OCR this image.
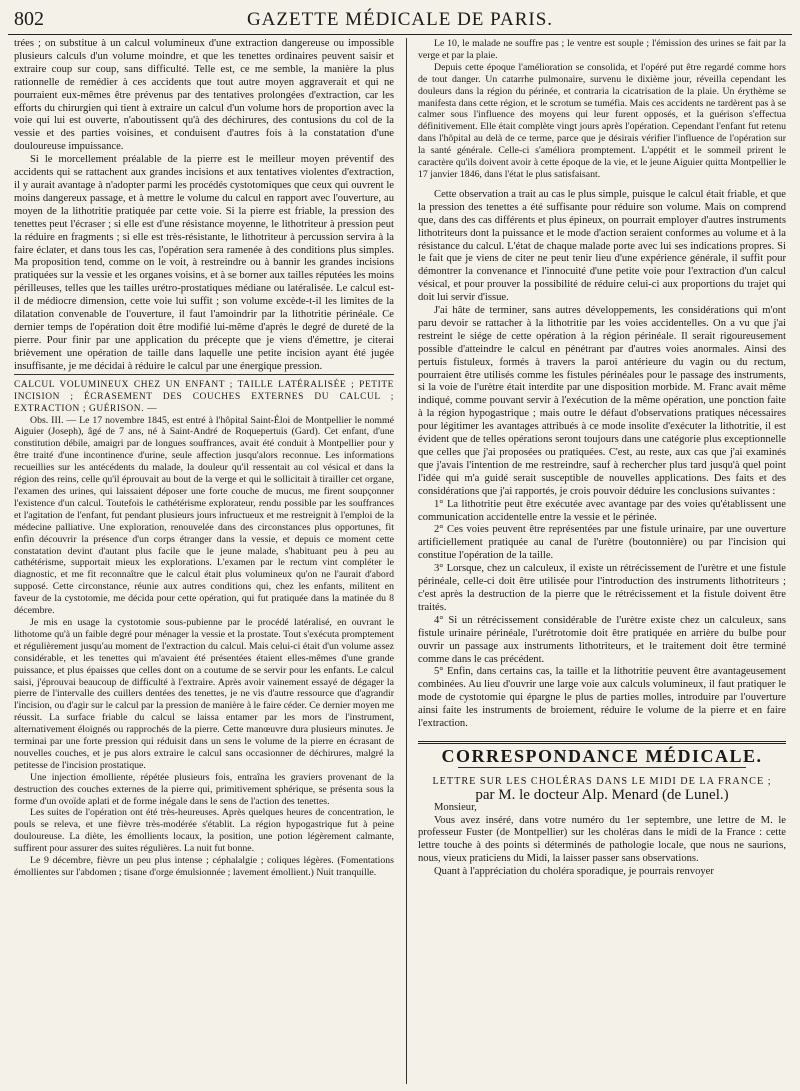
802	GAZETTE MÉDICALE DE PARIS.

trées ; on substitue à un calcul volumineux d'une extraction dangereuse ou impossible plusieurs calculs d'un volume moindre, et que les tenettes ordinaires peuvent saisir et extraire coup sur coup, sans difficulté. Telle est, ce me semble, la manière la plus rationnelle de remédier à ces accidents que tout autre moyen aggraverait et qui ne pourraient eux-mêmes être prévenus par des tentatives prolongées d'extraction, car les efforts du chirurgien qui tient à extraire un calcul d'un volume hors de proportion avec la voie qui lui est ouverte, n'aboutissent qu'à des déchirures, des contusions du col de la vessie et des parties voisines, et conduisent d'autres fois à la constatation d'une douloureuse impuissance.

Si le morcellement préalable de la pierre est le meilleur moyen préventif des accidents qui se rattachent aux grandes incisions et aux tentatives violentes d'extraction, il y aurait avantage à n'adopter parmi les procédés cystotomiques que ceux qui ouvrent le moins dangereux passage, et à mettre le volume du calcul en rapport avec l'ouverture, au moyen de la lithotritie pratiquée par cette voie. Si la pierre est friable, la pression des tenettes peut l'écraser ; si elle est d'une résistance moyenne, le lithotriteur à pression peut la réduire en fragments ; si elle est très-résistante, le lithotriteur à percussion servira à la faire éclater, et dans tous les cas, l'opération sera ramenée à des conditions plus simples. Ma proposition tend, comme on le voit, à restreindre ou à bannir les grandes incisions pratiquées sur la vessie et les organes voisins, et à se borner aux tailles réputées les moins périlleuses, telles que les tailles urétro-prostatiques médiane ou latéralisée. Le calcul est-il de médiocre dimension, cette voie lui suffit ; son volume excède-t-il les limites de la dilatation convenable de l'ouverture, il faut l'amoindrir par la lithotritie périnéale. Ce dernier temps de l'opération doit être modifié lui-même d'après le degré de dureté de la pierre. Pour finir par une application du précepte que je viens d'émettre, je citerai brièvement une opération de taille dans laquelle une petite incision ayant été jugée insuffisante, je me décidai à réduire le calcul par une énergique pression.

CALCUL VOLUMINEUX CHEZ UN ENFANT ; TAILLE LATÉRALISÉE ; PETITE INCISION ; ÉCRASEMENT DES COUCHES EXTERNES DU CALCUL ; EXTRACTION ; GUÉRISON. —

Obs. III. — Le 17 novembre 1845, est entré à l'hôpital Saint-Éloi de Montpellier le nommé Aiguier (Joseph), âgé de 7 ans, né à Saint-André de Roquepertuis (Gard). Cet enfant, d'une constitution débile, amaigri par de longues souffrances, avait été conduit à Montpellier pour y être traité d'une incontinence d'urine, seule affection jusqu'alors reconnue. Les informations recueillies sur les antécédents du malade, la douleur qu'il ressentait au col vésical et dans la région des reins, celle qu'il éprouvait au bout de la verge et qui le sollicitait à tirailler cet organe, l'examen des urines, qui laissaient déposer une forte couche de mucus, me firent soupçonner l'existence d'un calcul. Toutefois le cathétérisme explorateur, rendu possible par les souffrances et l'agitation de l'enfant, fut pendant plusieurs jours infructueux et me restreignit à l'emploi de la médecine palliative. Une exploration, renouvelée dans des circonstances plus opportunes, fit enfin découvrir la présence d'un corps étranger dans la vessie, et depuis ce moment cette constatation devint d'autant plus facile que le jeune malade, s'habituant peu à peu au cathétérisme, supportait mieux les explorations. L'examen par le rectum vint compléter le diagnostic, et me fit reconnaître que le calcul était plus volumineux qu'on ne l'aurait d'abord supposé. Cette circonstance, réunie aux autres conditions qui, chez les enfants, militent en faveur de la cystotomie, me décida pour cette opération, qui fut pratiquée dans la matinée du 8 décembre.

Je mis en usage la cystotomie sous-pubienne par le procédé latéralisé, en ouvrant le lithotome qu'à un faible degré pour ménager la vessie et la prostate. Tout s'exécuta promptement et régulièrement jusqu'au moment de l'extraction du calcul. Mais celui-ci était d'un volume assez considérable, et les tenettes qui m'avaient été présentées étaient elles-mêmes d'une grande puissance, et plus épaisses que celles dont on a coutume de se servir pour les enfants. Le calcul saisi, j'éprouvai beaucoup de difficulté à l'extraire. Après avoir vainement essayé de dégager la pierre de l'intervalle des cuillers dentées des tenettes, je ne vis d'autre ressource que d'agrandir l'incision, ou d'agir sur le calcul par la pression de manière à le faire céder. Ce dernier moyen me réussit. La surface friable du calcul se laissa entamer par les mors de l'instrument, alternativement éloignés ou rapprochés de la pierre. Cette manœuvre dura plusieurs minutes. Je terminai par une forte pression qui réduisit dans un sens le volume de la pierre en écrasant de nouvelles couches, et je pus alors extraire le calcul sans occasionner de déchirures, malgré la petitesse de l'incision prostatique.

Une injection émolliente, répétée plusieurs fois, entraîna les graviers provenant de la destruction des couches externes de la pierre qui, primitivement sphérique, se présenta sous la forme d'un ovoïde aplati et de forme inégale dans le sens de l'action des tenettes.

Les suites de l'opération ont été très-heureuses. Après quelques heures de concentration, le pouls se releva, et une fièvre très-modérée s'établit. La région hypogastrique fut à peine douloureuse. La diète, les émollients locaux, la position, une potion légèrement calmante, suffirent pour assurer des suites régulières. La nuit fut bonne.

Le 9 décembre, fièvre un peu plus intense ; céphalalgie ; coliques légères. (Fomentations émollientes sur l'abdomen ; tisane d'orge émulsionnée ; lavement émollient.) Nuit tranquille.

Le 10, le malade ne souffre pas ; le ventre est souple ; l'émission des urines se fait par la verge et par la plaie.

Depuis cette époque l'amélioration se consolida, et l'opéré put être regardé comme hors de tout danger. Un catarrhe pulmonaire, survenu le dixième jour, réveilla cependant les douleurs dans la région du périnée, et contraria la cicatrisation de la plaie. Un érythème se manifesta dans cette région, et le scrotum se tuméfia. Mais ces accidents ne tardèrent pas à se calmer sous l'influence des moyens qui leur furent opposés, et la guérison s'effectua définitivement. Elle était complète vingt jours après l'opération. Cependant l'enfant fut retenu dans l'hôpital au delà de ce terme, parce que je désirais vérifier l'influence de l'opération sur la santé générale. Celle-ci s'améliora promptement. L'appétit et le sommeil prirent le caractère qu'ils doivent avoir à cette époque de la vie, et le jeune Aiguier quitta Montpellier le 17 janvier 1846, dans l'état le plus satisfaisant.

Cette observation a trait au cas le plus simple, puisque le calcul était friable, et que la pression des tenettes a été suffisante pour réduire son volume. Mais on comprend que, dans des cas différents et plus épineux, on pourrait employer d'autres instruments lithotriteurs dont la puissance et le mode d'action seraient conformes au volume et à la résistance du calcul. L'état de chaque malade porte avec lui ses indications propres. Si le fait que je viens de citer ne peut tenir lieu d'une expérience générale, il suffit pour démontrer la convenance et l'innocuité d'une petite voie pour l'extraction d'un calcul vésical, et pour prouver la possibilité de réduire celui-ci aux proportions du trajet qui doit lui servir d'issue.

J'ai hâte de terminer, sans autres développements, les considérations qui m'ont paru devoir se rattacher à la lithotritie par les voies accidentelles. On a vu que j'ai restreint le siége de cette opération à la région périnéale. Il serait rigoureusement possible d'atteindre le calcul en pénétrant par d'autres voies anormales. Ainsi des pertuis fistuleux, formés à travers la paroi antérieure du vagin ou du rectum, pourraient être utilisés comme les fistules périnéales pour le passage des instruments, si la voie de l'urètre était interdite par une disposition morbide. M. Franc avait même indiqué, comme pouvant servir à l'exécution de la même opération, une ponction faite à la région hypogastrique ; mais outre le défaut d'observations pratiques nécessaires pour légitimer les avantages attribués à ce mode insolite d'exécuter la lithotritie, il est évident que de telles opérations seront toujours dans une catégorie plus exceptionnelle que celles que j'ai proposées ou pratiquées. C'est, au reste, aux cas que j'ai examinés que j'avais l'intention de me restreindre, sauf à rechercher plus tard jusqu'à quel point l'idée qui m'a guidé serait susceptible de nouvelles applications. Des faits et des considérations que j'ai rapportés, je crois pouvoir déduire les conclusions suivantes :

1° La lithotritie peut être exécutée avec avantage par des voies qu'établissent une communication accidentelle entre la vessie et le périnée.

2° Ces voies peuvent être représentées par une fistule urinaire, par une ouverture artificiellement pratiquée au canal de l'urètre (boutonnière) ou par l'incision qui constitue l'opération de la taille.

3° Lorsque, chez un calculeux, il existe un rétrécissement de l'urètre et une fistule périnéale, celle-ci doit être utilisée pour l'introduction des instruments lithotriteurs ; c'est après la destruction de la pierre que le rétrécissement et la fistule doivent être traités.

4° Si un rétrécissement considérable de l'urètre existe chez un calculeux, sans fistule urinaire périnéale, l'urétrotomie doit être pratiquée en arrière du bulbe pour ouvrir un passage aux instruments lithotriteurs, et le traitement doit être terminé comme dans le cas précédent.

5° Enfin, dans certains cas, la taille et la lithotritie peuvent être avantageusement combinées. Au lieu d'ouvrir une large voie aux calculs volumineux, il faut pratiquer le mode de cystotomie qui épargne le plus de parties molles, introduire par l'ouverture ainsi faite les instruments de broiement, réduire le volume de la pierre et en faire l'extraction.

CORRESPONDANCE MÉDICALE.

LETTRE SUR LES CHOLÉRAS DANS LE MIDI DE LA FRANCE ;

par M. le docteur Alp. Menard (de Lunel.)

Monsieur,

Vous avez inséré, dans votre numéro du 1er septembre, une lettre de M. le professeur Fuster (de Montpellier) sur les choléras dans le midi de la France : cette lettre touche à des points si déterminés de pathologie locale, que nous ne saurions, nous, vieux praticiens du Midi, la laisser passer sans observations.

Quant à l'appréciation du choléra sporadique, je pourrais renvoyer
